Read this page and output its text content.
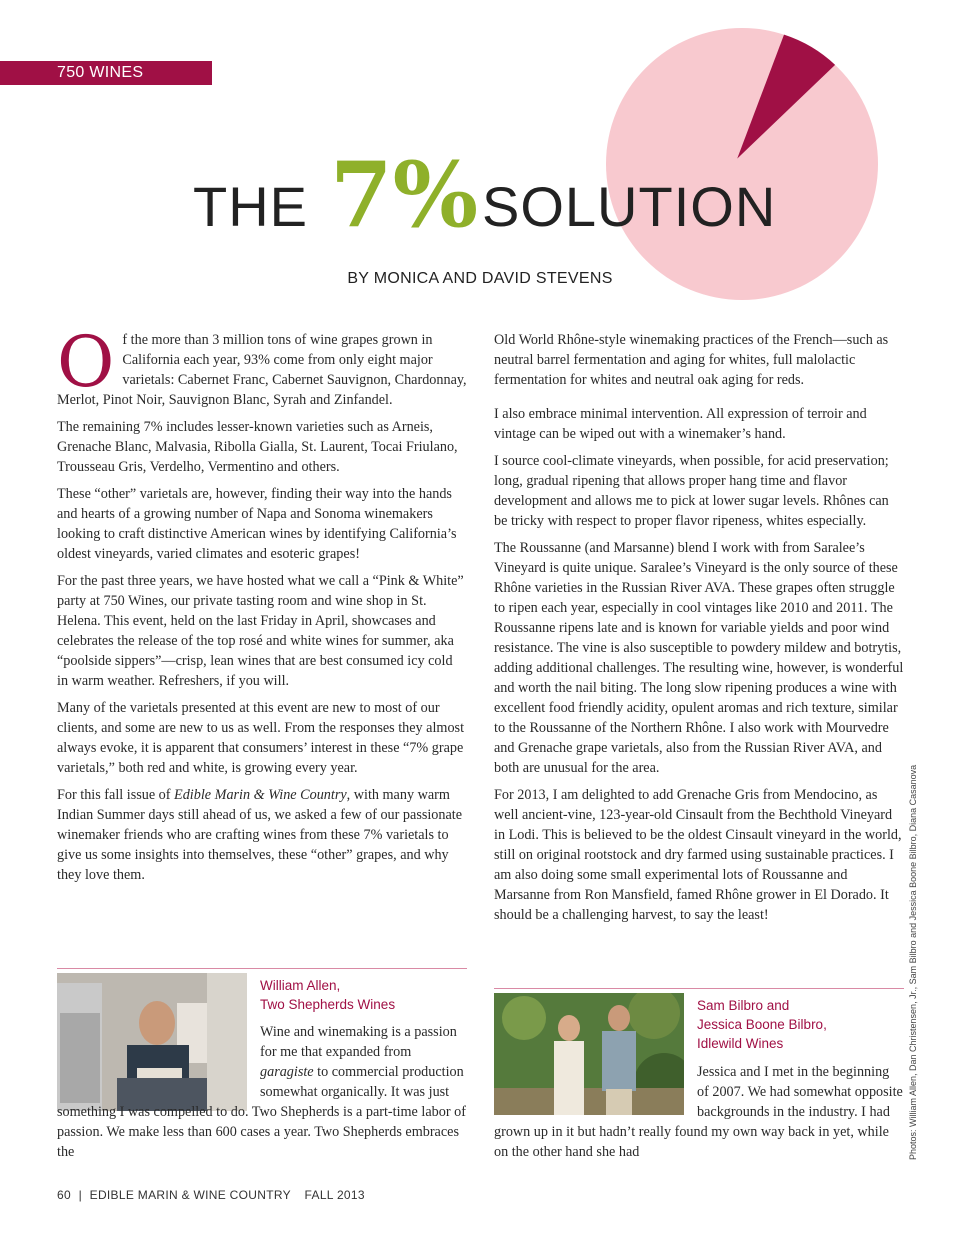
750 WINES
THE 7% SOLUTION
BY MONICA AND DAVID STEVENS

Of the more than 3 million tons of wine grapes grown in California each year, 93% come from only eight major varietals: Cabernet Franc, Cabernet Sauvignon, Chardonnay, Merlot, Pinot Noir, Sauvignon Blanc, Syrah and Zinfandel.

The remaining 7% includes lesser-known varieties such as Arneis, Grenache Blanc, Malvasia, Ribolla Gialla, St. Laurent, Tocai Friulano, Trousseau Gris, Verdelho, Vermentino and others.

These “other” varietals are, however, finding their way into the hands and hearts of a growing number of Napa and Sonoma winemakers looking to craft distinctive American wines by identifying California’s oldest vineyards, varied climates and esoteric grapes!

For the past three years, we have hosted what we call a “Pink & White” party at 750 Wines, our private tasting room and wine shop in St. Helena. This event, held on the last Friday in April, showcases and celebrates the release of the top rosé and white wines for summer, aka “poolside sippers”—crisp, lean wines that are best consumed icy cold in warm weather. Refreshers, if you will.

Many of the varietals presented at this event are new to most of our clients, and some are new to us as well. From the responses they almost always evoke, it is apparent that consumers’ interest in these “7% grape varietals,” both red and white, is growing every year.

For this fall issue of Edible Marin & Wine Country, with many warm Indian Summer days still ahead of us, we asked a few of our passionate winemaker friends who are crafting wines from these 7% varietals to give us some insights into themselves, these “other” grapes, and why they love them.

William Allen,
Two Shepherds Wines
Wine and winemaking is a passion for me that expanded from garagiste to commercial production somewhat organically. It was just something I was compelled to do. Two Shepherds is a part-time labor of passion. We make less than 600 cases a year. Two Shepherds embraces the

Old World Rhône-style winemaking practices of the French—such as neutral barrel fermentation and aging for whites, full malolactic fermentation for whites and neutral oak aging for reds.

I also embrace minimal intervention. All expression of terroir and vintage can be wiped out with a winemaker’s hand.

I source cool-climate vineyards, when possible, for acid preservation; long, gradual ripening that allows proper hang time and flavor development and allows me to pick at lower sugar levels. Rhônes can be tricky with respect to proper flavor ripeness, whites especially.

The Roussanne (and Marsanne) blend I work with from Saralee’s Vineyard is quite unique. Saralee’s Vineyard is the only source of these Rhône varieties in the Russian River AVA. These grapes often struggle to ripen each year, especially in cool vintages like 2010 and 2011. The Roussanne ripens late and is known for variable yields and poor wind resistance. The vine is also susceptible to powdery mildew and botrytis, adding additional challenges. The resulting wine, however, is wonderful and worth the nail biting. The long slow ripening produces a wine with excellent food friendly acidity, opulent aromas and rich texture, similar to the Roussanne of the Northern Rhône. I also work with Mourvedre and Grenache grape varietals, also from the Russian River AVA, and both are unusual for the area.

For 2013, I am delighted to add Grenache Gris from Mendocino, as well ancient-vine, 123-year-old Cinsault from the Bechthold Vineyard in Lodi. This is believed to be the oldest Cinsault vineyard in the world, still on original rootstock and dry farmed using sustainable practices. I am also doing some small experimental lots of Roussanne and Marsanne from Ron Mansfield, famed Rhône grower in El Dorado. It should be a challenging harvest, to say the least!

Sam Bilbro and
Jessica Boone Bilbro,
Idlewild Wines
Jessica and I met in the beginning of 2007. We had somewhat opposite backgrounds in the industry. I had grown up in it but hadn’t really found my own way back in yet, while on the other hand she had	Photos: William Allen, Dan Christensen, Jr., Sam Bilbro and Jessica Boone Bilbro, Diana Casanova
60 | EDIBLE MARIN & WINE COUNTRY FALL 2013
